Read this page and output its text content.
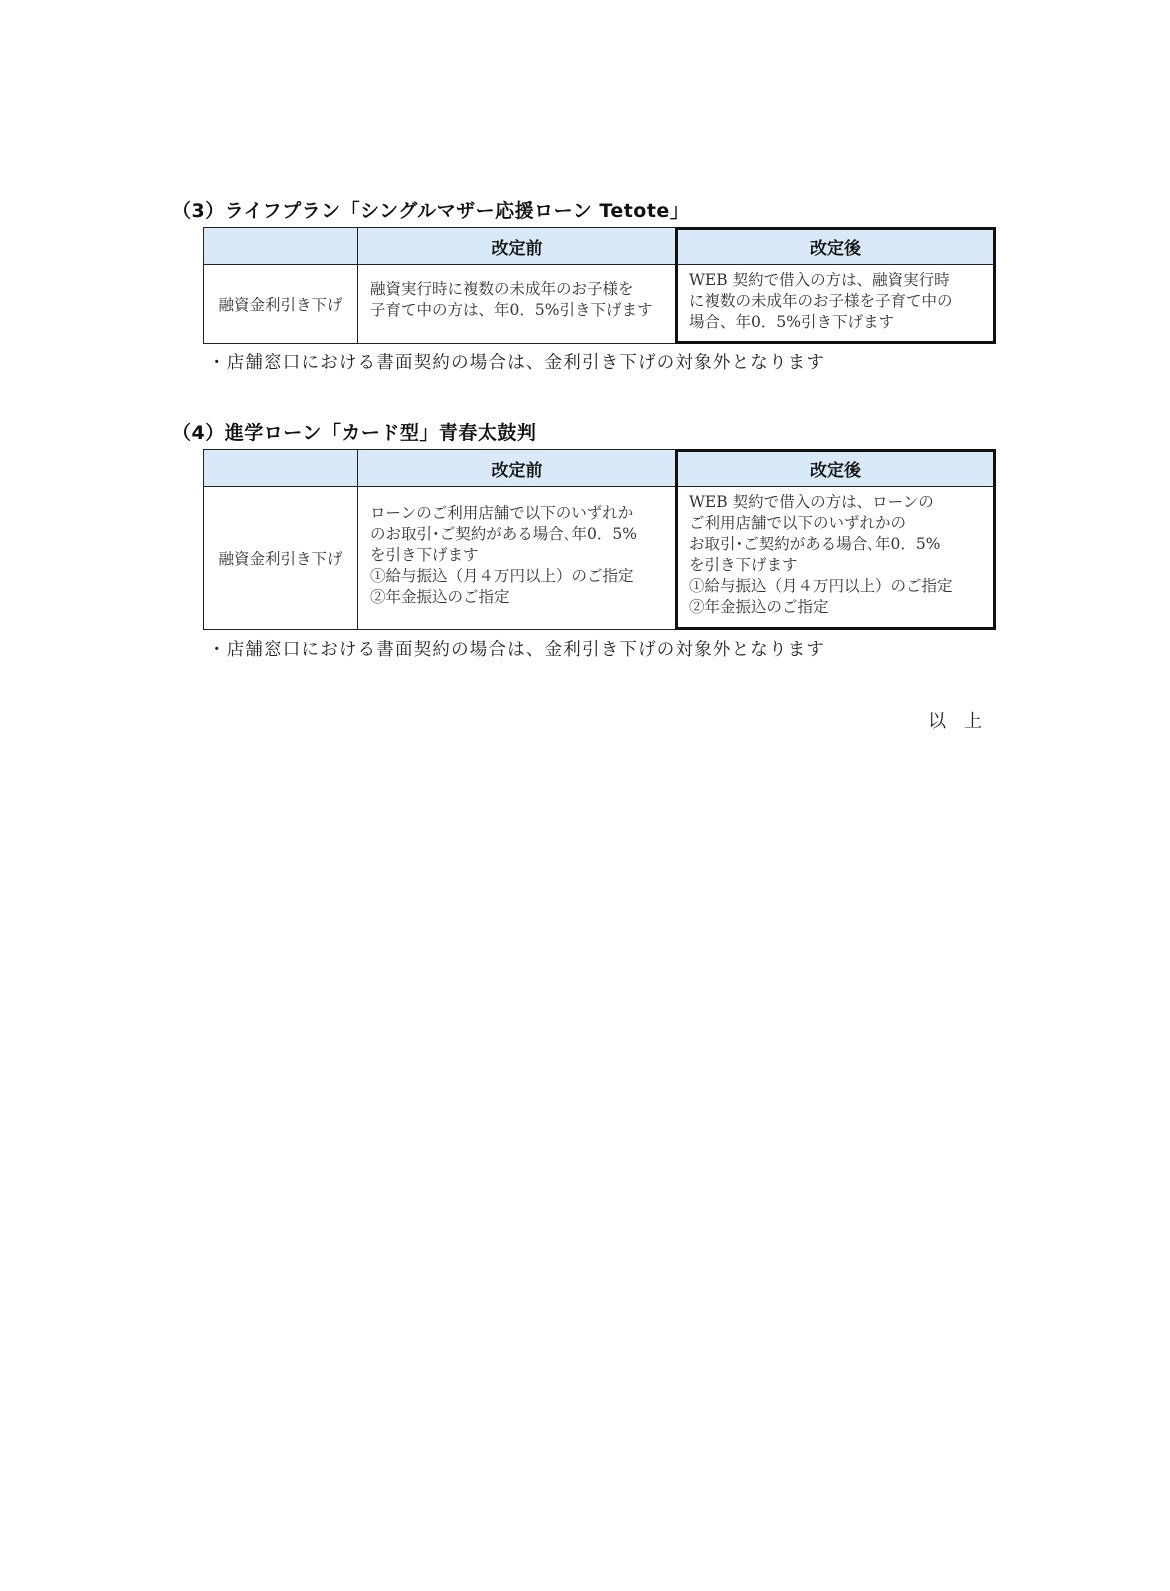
（3）ライフプラン「シングルマザー応援ローン Tetote」
改定前	改定後
融資金利引き下げ
融資実行時に複数の未成年のお子様を
子育て中の方は、年0．5%引き下げます
WEB 契約で借入の方は、融資実行時
に複数の未成年のお子様を子育て中の
場合、年0．5%引き下げます
・店舗窓口における書面契約の場合は、金利引き下げの対象外となります
（4）進学ローン「カード型」青春太鼓判
改定前	改定後
融資金利引き下げ
ローンのご利用店舗で以下のいずれか
のお取引･ご契約がある場合､年0．5%
を引き下げます
①給与振込（月４万円以上）のご指定
②年金振込のご指定
WEB 契約で借入の方は、ローンの
ご利用店舗で以下のいずれかの
お取引･ご契約がある場合､年0．5%
を引き下げます
①給与振込（月４万円以上）のご指定
②年金振込のご指定
・店舗窓口における書面契約の場合は、金利引き下げの対象外となります
以　上
